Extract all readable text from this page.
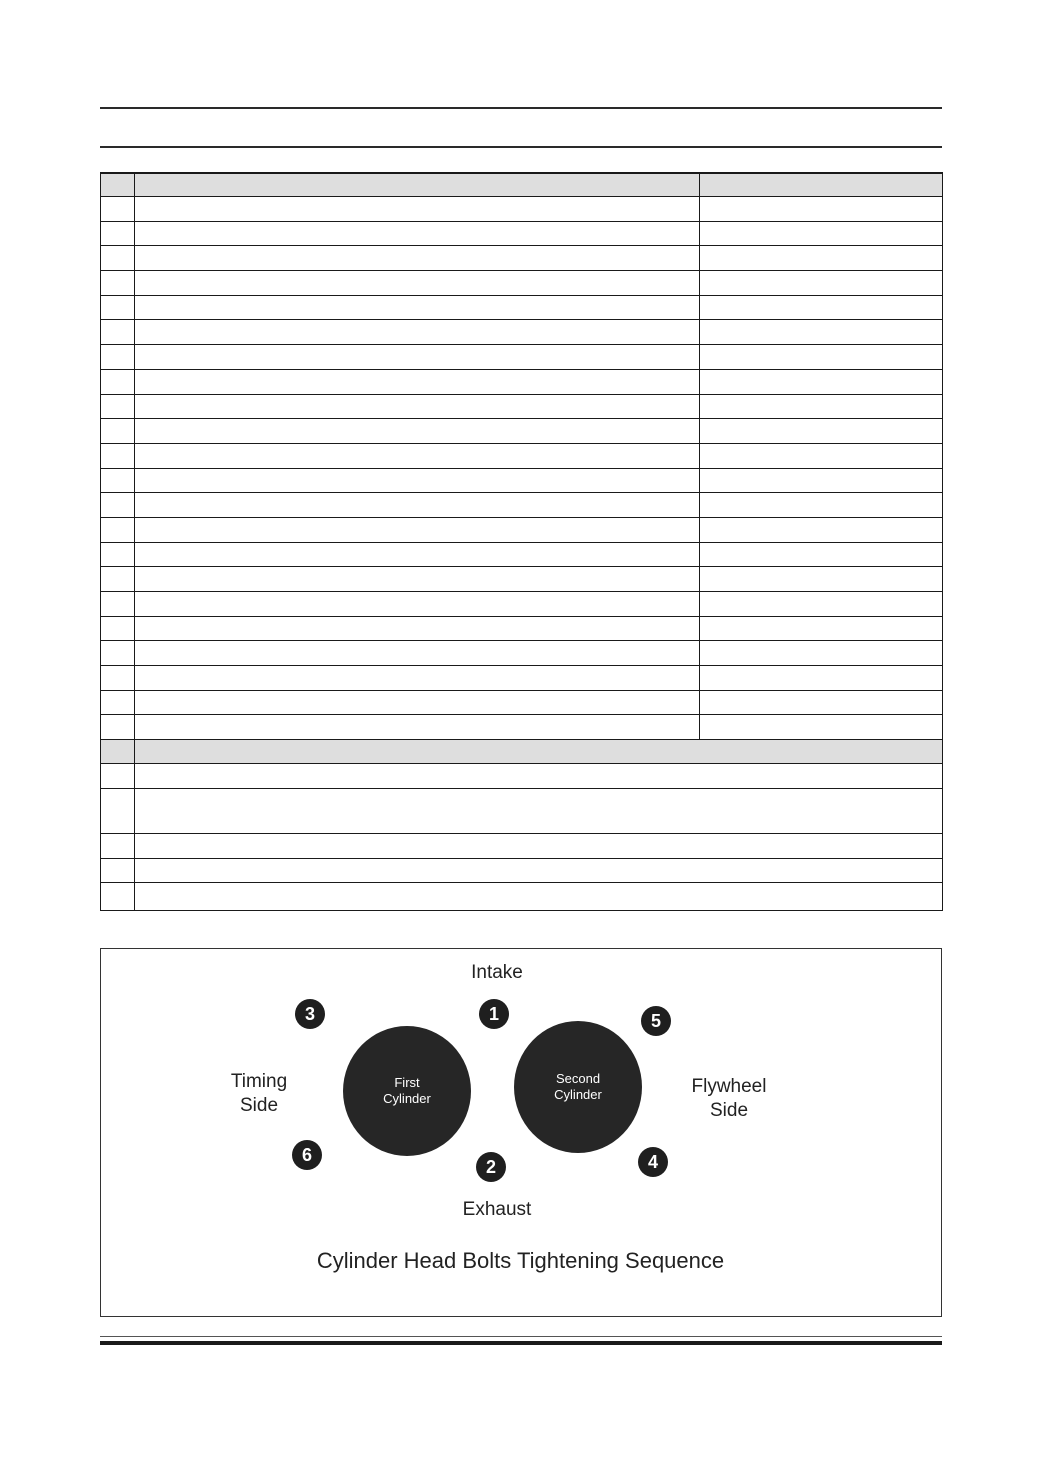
Intake
Exhaust
Timing
Side
Flywheel
Side
First
Cylinder
Second
Cylinder
1
2
3
4
5
6
Cylinder Head Bolts Tightening Sequence
